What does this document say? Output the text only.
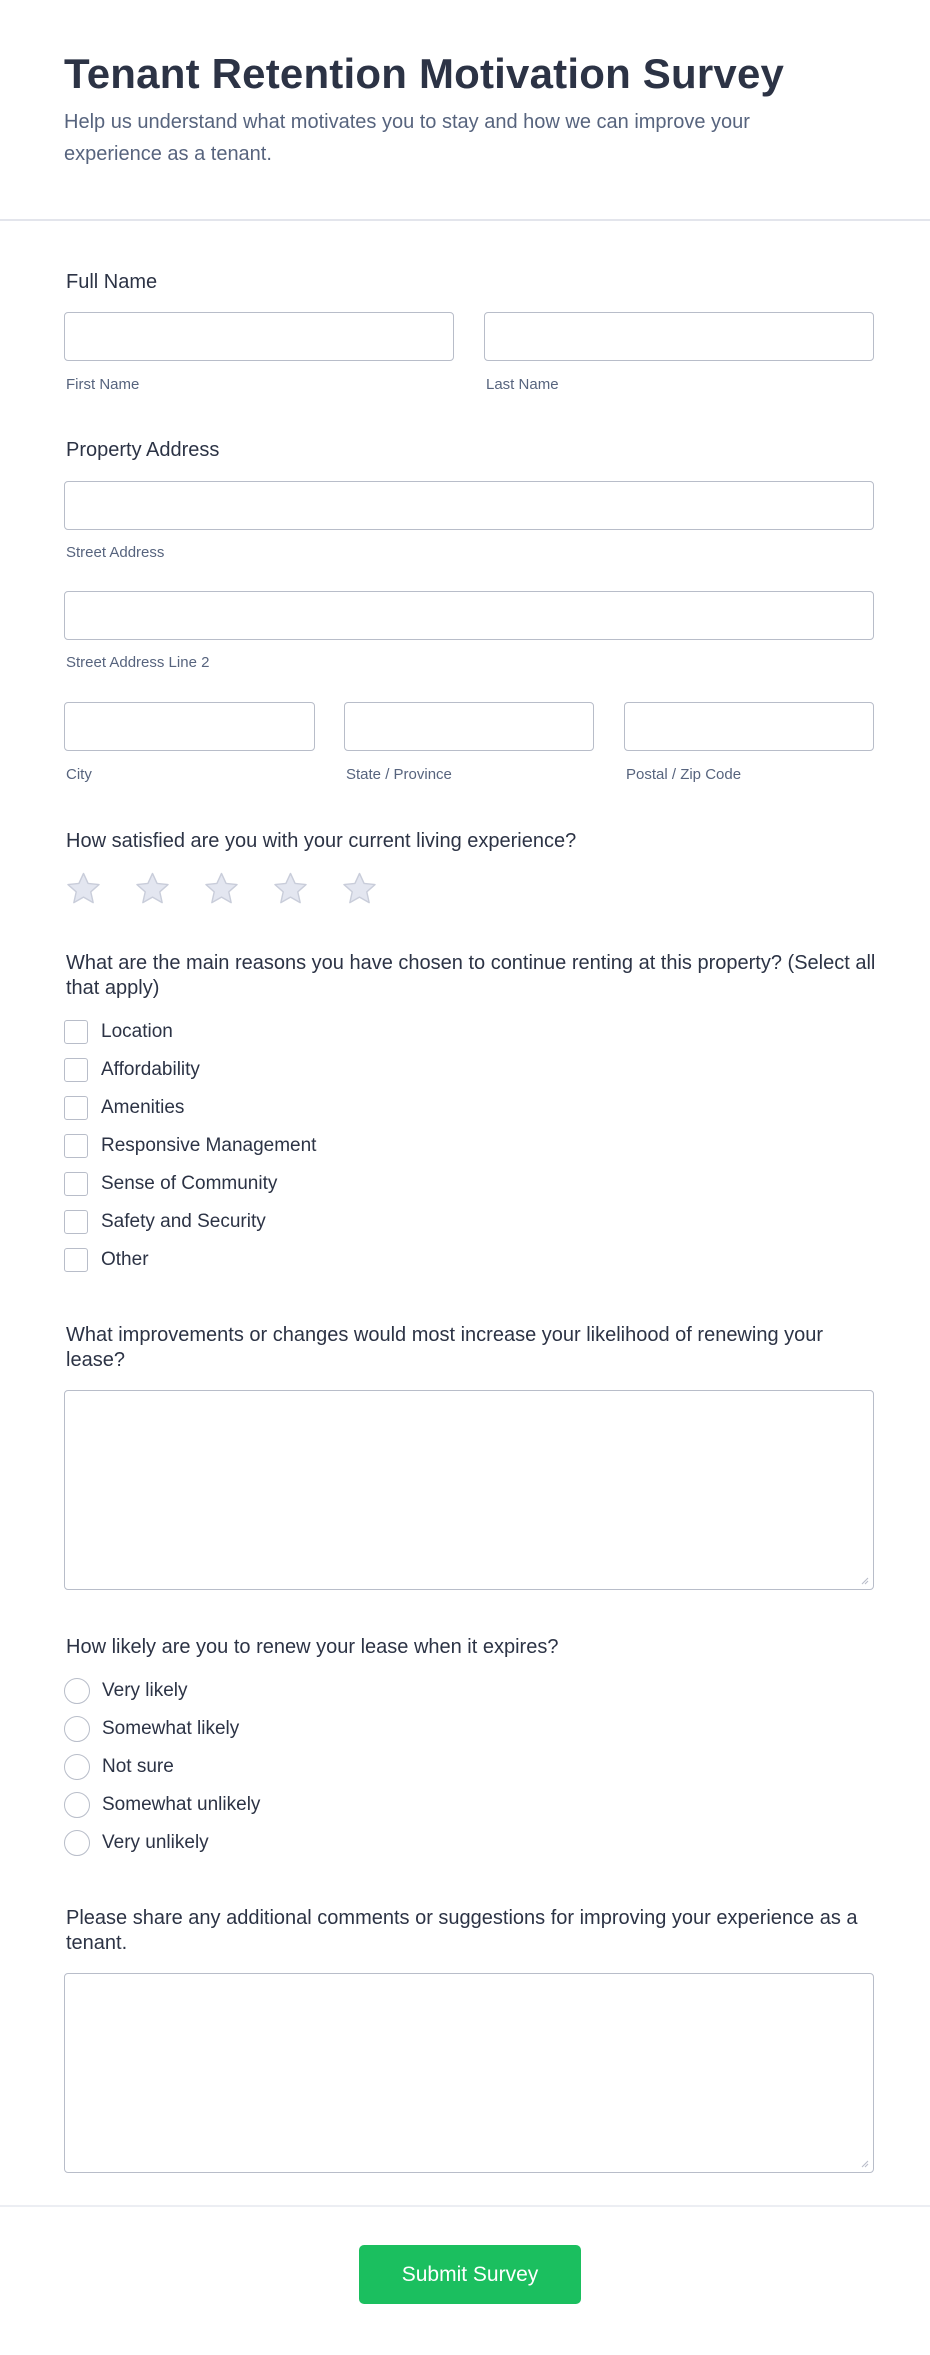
Tenant Retention Motivation Survey

Help us understand what motivates you to stay and how we can improve your experience as a tenant.

Full Name
First Name	Last Name
Property Address
Street Address
Street Address Line 2
City	State / Province	Postal / Zip Code
How satisfied are you with your current living experience?
What are the main reasons you have chosen to continue renting at this property? (Select all that apply)
Location
Affordability
Amenities
Responsive Management
Sense of Community
Safety and Security
Other
What improvements or changes would most increase your likelihood of renewing your lease?
How likely are you to renew your lease when it expires?
Very likely
Somewhat likely
Not sure
Somewhat unlikely
Very unlikely
Please share any additional comments or suggestions for improving your experience as a tenant.
Submit Survey
